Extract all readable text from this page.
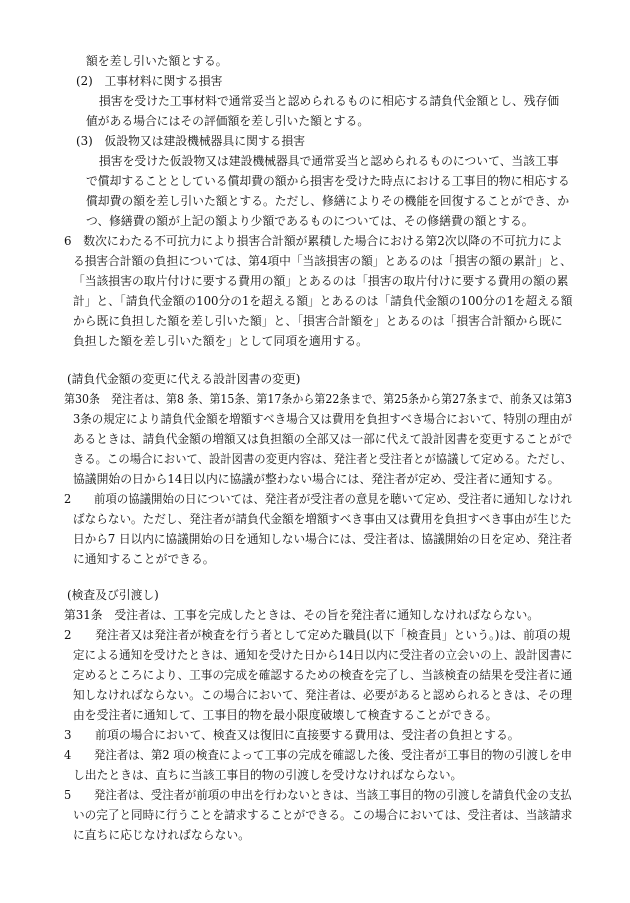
額を差し引いた額とする。
(2)　工事材料に関する損害
損害を受けた工事材料で通常妥当と認められるものに相応する請負代金額とし、残存価
値がある場合にはその評価額を差し引いた額とする。
(3)　仮設物又は建設機械器具に関する損害
損害を受けた仮設物又は建設機械器具で通常妥当と認められるものについて、当該工事
で償却することとしている償却費の額から損害を受けた時点における工事目的物に相応する
償却費の額を差し引いた額とする。ただし、修繕によりその機能を回復することができ、か
つ、修繕費の額が上記の額より少額であるものについては、その修繕費の額とする。
6　数次にわたる不可抗力により損害合計額が累積した場合における第2次以降の不可抗力によ
る損害合計額の負担については、第4項中「当該損害の額」とあるのは「損害の額の累計」と、
「当該損害の取片付けに要する費用の額」とあるのは「損害の取片付けに要する費用の額の累
計」と、「請負代金額の100分の1を超える額」とあるのは「請負代金額の100分の1を超える額
から既に負担した額を差し引いた額」と、「損害合計額を」とあるのは「損害合計額から既に
負担した額を差し引いた額を」として同項を適用する。
(請負代金額の変更に代える設計図書の変更)
第30条　発注者は、第8 条、第15条、第17条から第22条まで、第25条から第27条まで、前条又は第3
3条の規定により請負代金額を増額すべき場合又は費用を負担すべき場合において、特別の理由が
あるときは、請負代金額の増額又は負担額の全部又は一部に代えて設計図書を変更することがで
きる。この場合において、設計図書の変更内容は、発注者と受注者とが協議して定める。ただし、
協議開始の日から14日以内に協議が整わない場合には、発注者が定め、受注者に通知する。
2　　前項の協議開始の日については、発注者が受注者の意見を聴いて定め、受注者に通知しなけれ
ばならない。ただし、発注者が請負代金額を増額すべき事由又は費用を負担すべき事由が生じた
日から7 日以内に協議開始の日を通知しない場合には、受注者は、協議開始の日を定め、発注者
に通知することができる。
(検査及び引渡し)
第31条　受注者は、工事を完成したときは、その旨を発注者に通知しなければならない。
2　　発注者又は発注者が検査を行う者として定めた職員(以下「検査員」という。)は、前項の規
定による通知を受けたときは、通知を受けた日から14日以内に受注者の立会いの上、設計図書に
定めるところにより、工事の完成を確認するための検査を完了し、当該検査の結果を受注者に通
知しなければならない。この場合において、発注者は、必要があると認められるときは、その理
由を受注者に通知して、工事目的物を最小限度破壊して検査することができる。
3　　前項の場合において、検査又は復旧に直接要する費用は、受注者の負担とする。
4　　発注者は、第2 項の検査によって工事の完成を確認した後、受注者が工事目的物の引渡しを申
し出たときは、直ちに当該工事目的物の引渡しを受けなければならない。
5　　発注者は、受注者が前項の申出を行わないときは、当該工事目的物の引渡しを請負代金の支払
いの完了と同時に行うことを請求することができる。この場合においては、受注者は、当該請求
に直ちに応じなければならない。
